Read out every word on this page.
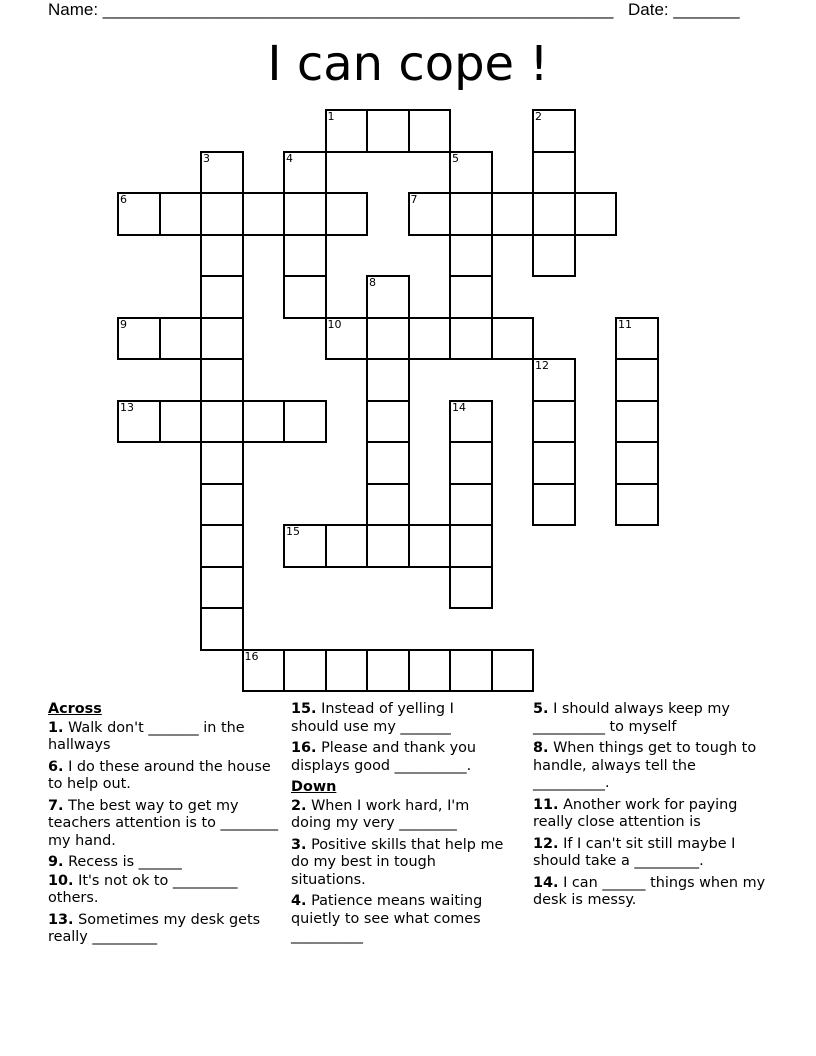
Name: ______________________________________________________ Date: _______
I can cope !
1	2
3	4	5
6	7
8
9	10	11
12
13	14
15
16
Across
1. Walk don't _______ in the hallways
6. I do these around the house to help out.
7. The best way to get my teachers attention is to ________ my hand.
9. Recess is ______
10. It's not ok to _________ others.
13. Sometimes my desk gets really _________
15. Instead of yelling I should use my _______
16. Please and thank you displays good __________.
Down
2. When I work hard, I'm doing my very ________
3. Positive skills that help me do my best in tough situations.
4. Patience means waiting quietly to see what comes __________
5. I should always keep my __________ to myself
8. When things get to tough to handle, always tell the __________.
11. Another work for paying really close attention is
12. If I can't sit still maybe I should take a _________.
14. I can ______ things when my desk is messy.
